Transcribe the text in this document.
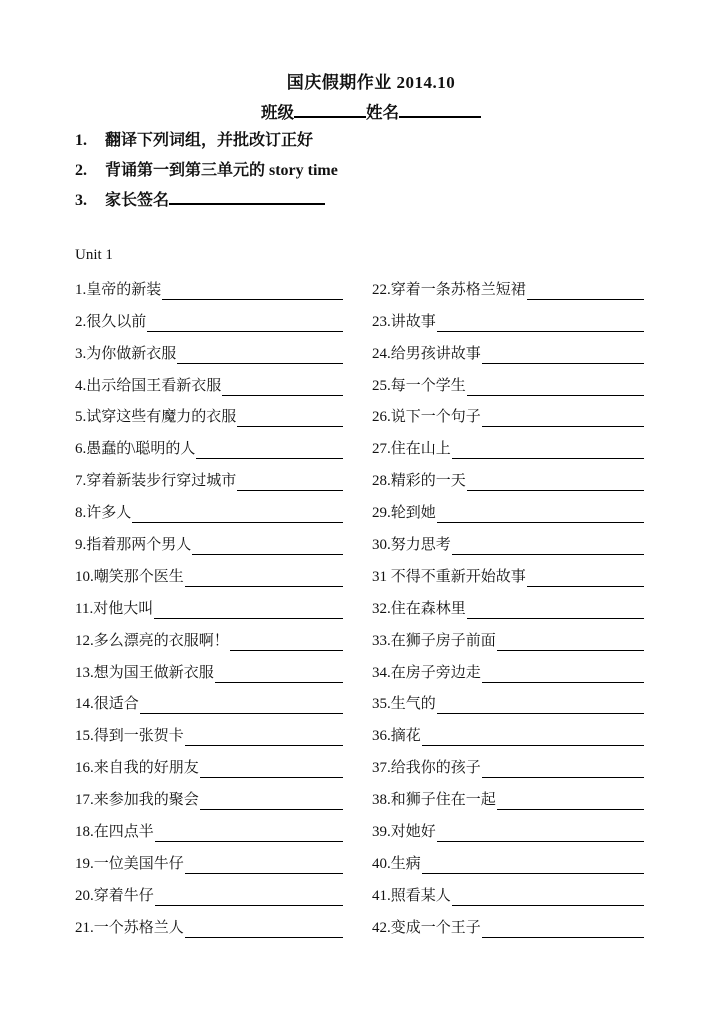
国庆假期作业 2014.10
班级	姓名
1.	翻译下列词组，并批改订正好
2.	背诵第一到第三单元的 story time
3.	家长签名
Unit 1
1.皇帝的新装
2.很久以前
3.为你做新衣服
4.出示给国王看新衣服
5.试穿这些有魔力的衣服
6.愚蠢的\聪明的人
7.穿着新装步行穿过城市
8.许多人
9.指着那两个男人
10.嘲笑那个医生
11.对他大叫
12.多么漂亮的衣服啊！
13.想为国王做新衣服
14.很适合
15.得到一张贺卡
16.来自我的好朋友
17.来参加我的聚会
18.在四点半
19.一位美国牛仔
20.穿着牛仔
21.一个苏格兰人
22.穿着一条苏格兰短裙
23.讲故事
24.给男孩讲故事
25.每一个学生
26.说下一个句子
27.住在山上
28.精彩的一天
29.轮到她
30.努力思考
31 不得不重新开始故事
32.住在森林里
33.在狮子房子前面
34.在房子旁边走
35.生气的
36.摘花
37.给我你的孩子
38.和狮子住在一起
39.对她好
40.生病
41.照看某人
42.变成一个王子
